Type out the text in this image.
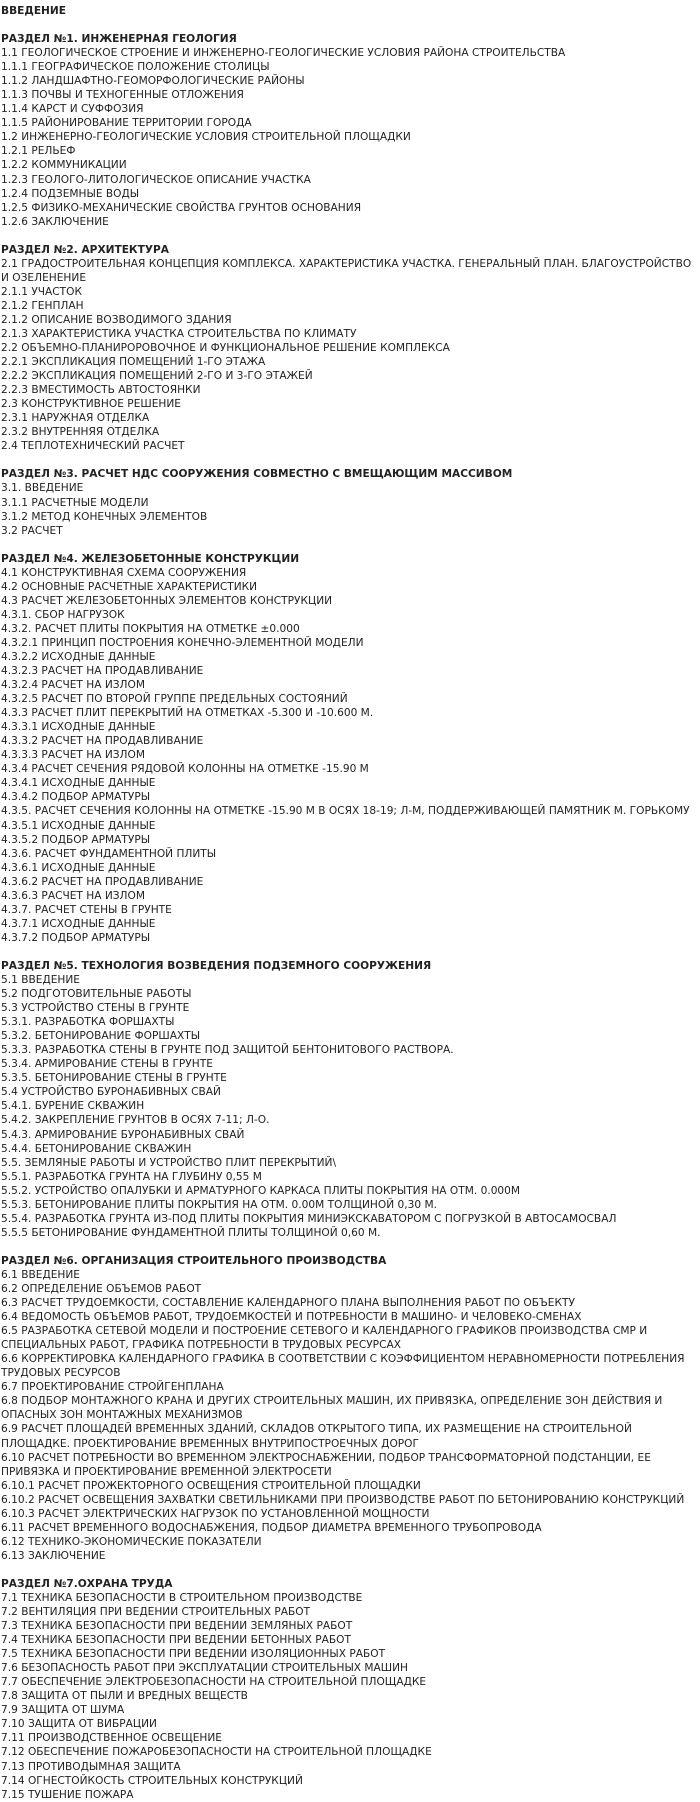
ВВЕДЕНИЕ
РАЗДЕЛ №1. ИНЖЕНЕРНАЯ ГЕОЛОГИЯ
1.1 ГЕОЛОГИЧЕСКОЕ СТРОЕНИЕ И ИНЖЕНЕРНО-ГЕОЛОГИЧЕСКИЕ УСЛОВИЯ РАЙОНА СТРОИТЕЛЬСТВА
1.1.1 ГЕОГРАФИЧЕСКОЕ ПОЛОЖЕНИЕ СТОЛИЦЫ
1.1.2 ЛАНДШАФТНО-ГЕОМОРФОЛОГИЧЕСКИЕ РАЙОНЫ
1.1.3 ПОЧВЫ И ТЕХНОГЕННЫЕ ОТЛОЖЕНИЯ
1.1.4 КАРСТ И СУФФОЗИЯ
1.1.5 РАЙОНИРОВАНИЕ ТЕРРИТОРИИ ГОРОДА
1.2 ИНЖЕНЕРНО-ГЕОЛОГИЧЕСКИЕ УСЛОВИЯ СТРОИТЕЛЬНОЙ ПЛОЩАДКИ
1.2.1 РЕЛЬЕФ
1.2.2 КОММУНИКАЦИИ
1.2.3 ГЕОЛОГО-ЛИТОЛОГИЧЕСКОЕ ОПИСАНИЕ УЧАСТКА
1.2.4 ПОДЗЕМНЫЕ ВОДЫ
1.2.5 ФИЗИКО-МЕХАНИЧЕСКИЕ СВОЙСТВА ГРУНТОВ ОСНОВАНИЯ
1.2.6 ЗАКЛЮЧЕНИЕ
РАЗДЕЛ №2. АРХИТЕКТУРА
2.1 ГРАДОСТРОИТЕЛЬНАЯ КОНЦЕПЦИЯ КОМПЛЕКСА. ХАРАКТЕРИСТИКА УЧАСТКА. ГЕНЕРАЛЬНЫЙ ПЛАН. БЛАГОУСТРОЙСТВО И ОЗЕЛЕНЕНИЕ
2.1.1 УЧАСТОК
2.1.2 ГЕНПЛАН
2.1.2 ОПИСАНИЕ ВОЗВОДИМОГО ЗДАНИЯ
2.1.3 ХАРАКТЕРИСТИКА УЧАСТКА СТРОИТЕЛЬСТВА ПО КЛИМАТУ
2.2 ОБЪЕМНО-ПЛАНИРОРОВОЧНОЕ И ФУНКЦИОНАЛЬНОЕ РЕШЕНИЕ КОМПЛЕКСА
2.2.1 ЭКСПЛИКАЦИЯ ПОМЕЩЕНИЙ 1-ГО ЭТАЖА
2.2.2 ЭКСПЛИКАЦИЯ ПОМЕЩЕНИЙ 2-ГО И 3-ГО ЭТАЖЕЙ
2.2.3 ВМЕСТИМОСТЬ АВТОСТОЯНКИ
2.3 КОНСТРУКТИВНОЕ РЕШЕНИЕ
2.3.1 НАРУЖНАЯ ОТДЕЛКА
2.3.2 ВНУТРЕННЯЯ ОТДЕЛКА
2.4 ТЕПЛОТЕХНИЧЕСКИЙ РАСЧЕТ
РАЗДЕЛ №3. РАСЧЕТ НДС СООРУЖЕНИЯ СОВМЕСТНО С ВМЕЩАЮЩИМ МАССИВОМ
3.1. ВВЕДЕНИЕ
3.1.1 РАСЧЕТНЫЕ МОДЕЛИ
3.1.2 МЕТОД КОНЕЧНЫХ ЭЛЕМЕНТОВ
3.2 РАСЧЕТ
РАЗДЕЛ №4. ЖЕЛЕЗОБЕТОННЫЕ КОНСТРУКЦИИ
4.1 КОНСТРУКТИВНАЯ СХЕМА СООРУЖЕНИЯ
4.2 ОСНОВНЫЕ РАСЧЕТНЫЕ ХАРАКТЕРИСТИКИ
4.3 РАСЧЕТ ЖЕЛЕЗОБЕТОННЫХ ЭЛЕМЕНТОВ КОНСТРУКЦИИ
4.3.1. СБОР НАГРУЗОК
4.3.2. РАСЧЕТ ПЛИТЫ ПОКРЫТИЯ НА ОТМЕТКЕ ±0.000
4.3.2.1 ПРИНЦИП ПОСТРОЕНИЯ КОНЕЧНО-ЭЛЕМЕНТНОЙ МОДЕЛИ
4.3.2.2 ИСХОДНЫЕ ДАННЫЕ
4.3.2.3 РАСЧЕТ НА ПРОДАВЛИВАНИЕ
4.3.2.4 РАСЧЕТ НА ИЗЛОМ
4.3.2.5 РАСЧЕТ ПО ВТОРОЙ ГРУППЕ ПРЕДЕЛЬНЫХ СОСТОЯНИЙ
4.3.3 РАСЧЕТ ПЛИТ ПЕРЕКРЫТИЙ НА ОТМЕТКАХ -5.300 И -10.600 М.
4.3.3.1 ИСХОДНЫЕ ДАННЫЕ
4.3.3.2 РАСЧЕТ НА ПРОДАВЛИВАНИЕ
4.3.3.3 РАСЧЕТ НА ИЗЛОМ
4.3.4 РАСЧЕТ СЕЧЕНИЯ РЯДОВОЙ КОЛОННЫ НА ОТМЕТКЕ -15.90 М
4.3.4.1 ИСХОДНЫЕ ДАННЫЕ
4.3.4.2 ПОДБОР АРМАТУРЫ
4.3.5. РАСЧЕТ СЕЧЕНИЯ КОЛОННЫ НА ОТМЕТКЕ -15.90 М В ОСЯХ 18-19; Л-М, ПОДДЕРЖИВАЮЩЕЙ ПАМЯТНИК М. ГОРЬКОМУ
4.3.5.1 ИСХОДНЫЕ ДАННЫЕ
4.3.5.2 ПОДБОР АРМАТУРЫ
4.3.6. РАСЧЕТ ФУНДАМЕНТНОЙ ПЛИТЫ
4.3.6.1 ИСХОДНЫЕ ДАННЫЕ
4.3.6.2 РАСЧЕТ НА ПРОДАВЛИВАНИЕ
4.3.6.3 РАСЧЕТ НА ИЗЛОМ
4.3.7. РАСЧЕТ СТЕНЫ В ГРУНТЕ
4.3.7.1 ИСХОДНЫЕ ДАННЫЕ
4.3.7.2 ПОДБОР АРМАТУРЫ
РАЗДЕЛ №5. ТЕХНОЛОГИЯ ВОЗВЕДЕНИЯ ПОДЗЕМНОГО СООРУЖЕНИЯ
5.1 ВВЕДЕНИЕ
5.2 ПОДГОТОВИТЕЛЬНЫЕ РАБОТЫ
5.3 УСТРОЙСТВО СТЕНЫ В ГРУНТЕ
5.3.1. РАЗРАБОТКА ФОРШАХТЫ
5.3.2. БЕТОНИРОВАНИЕ ФОРШАХТЫ
5.3.3. РАЗРАБОТКА СТЕНЫ В ГРУНТЕ ПОД ЗАЩИТОЙ БЕНТОНИТОВОГО РАСТВОРА.
5.3.4. АРМИРОВАНИЕ СТЕНЫ В ГРУНТЕ
5.3.5. БЕТОНИРОВАНИЕ СТЕНЫ В ГРУНТЕ
5.4 УСТРОЙСТВО БУРОНАБИВНЫХ СВАЙ
5.4.1. БУРЕНИЕ СКВАЖИН
5.4.2. ЗАКРЕПЛЕНИЕ ГРУНТОВ В ОСЯХ 7-11; Л-О.
5.4.3. АРМИРОВАНИЕ БУРОНАБИВНЫХ СВАЙ
5.4.4. БЕТОНИРОВАНИЕ СКВАЖИН
5.5. ЗЕМЛЯНЫЕ РАБОТЫ И УСТРОЙСТВО ПЛИТ ПЕРЕКРЫТИЙ\
5.5.1. РАЗРАБОТКА ГРУНТА НА ГЛУБИНУ 0,55 М
5.5.2. УСТРОЙСТВО ОПАЛУБКИ И АРМАТУРНОГО КАРКАСА ПЛИТЫ ПОКРЫТИЯ НА ОТМ. 0.000М
5.5.3. БЕТОНИРОВАНИЕ ПЛИТЫ ПОКРЫТИЯ НА ОТМ. 0.00М ТОЛЩИНОЙ 0,30 М.
5.5.4. РАЗРАБОТКА ГРУНТА ИЗ-ПОД ПЛИТЫ ПОКРЫТИЯ МИНИЭКСКАВАТОРОМ С ПОГРУЗКОЙ В АВТОСАМОСВАЛ
5.5.5 БЕТОНИРОВАНИЕ ФУНДАМЕНТНОЙ ПЛИТЫ ТОЛЩИНОЙ 0,60 М.
РАЗДЕЛ №6. ОРГАНИЗАЦИЯ СТРОИТЕЛЬНОГО ПРОИЗВОДСТВА
6.1 ВВЕДЕНИЕ
6.2 ОПРЕДЕЛЕНИЕ ОБЪЕМОВ РАБОТ
6.3 РАСЧЕТ ТРУДОЕМКОСТИ, СОСТАВЛЕНИЕ КАЛЕНДАРНОГО ПЛАНА ВЫПОЛНЕНИЯ РАБОТ ПО ОБЪЕКТУ
6.4 ВЕДОМОСТЬ ОБЪЕМОВ РАБОТ, ТРУДОЕМКОСТЕЙ И ПОТРЕБНОСТИ В МАШИНО- И ЧЕЛОВЕКО-СМЕНАХ
6.5 РАЗРАБОТКА СЕТЕВОЙ МОДЕЛИ И ПОСТРОЕНИЕ СЕТЕВОГО И КАЛЕНДАРНОГО ГРАФИКОВ ПРОИЗВОДСТВА СМР И СПЕЦИАЛЬНЫХ РАБОТ, ГРАФИКА ПОТРЕБНОСТИ В ТРУДОВЫХ РЕСУРСАХ
6.6 КОРРЕКТИРОВКА КАЛЕНДАРНОГО ГРАФИКА В СООТВЕТСТВИИ С КОЭФФИЦИЕНТОМ НЕРАВНОМЕРНОСТИ ПОТРЕБЛЕНИЯ ТРУДОВЫХ РЕСУРСОВ
6.7 ПРОЕКТИРОВАНИЕ СТРОЙГЕНПЛАНА
6.8 ПОДБОР МОНТАЖНОГО КРАНА И ДРУГИХ СТРОИТЕЛЬНЫХ МАШИН, ИХ ПРИВЯЗКА, ОПРЕДЕЛЕНИЕ ЗОН ДЕЙСТВИЯ И ОПАСНЫХ ЗОН МОНТАЖНЫХ МЕХАНИЗМОВ
6.9 РАСЧЕТ ПЛОЩАДЕЙ ВРЕМЕННЫХ ЗДАНИЙ, СКЛАДОВ ОТКРЫТОГО ТИПА, ИХ РАЗМЕЩЕНИЕ НА СТРОИТЕЛЬНОЙ ПЛОЩАДКЕ. ПРОЕКТИРОВАНИЕ ВРЕМЕННЫХ ВНУТРИПОСТРОЕЧНЫХ ДОРОГ
6.10 РАСЧЕТ ПОТРЕБНОСТИ ВО ВРЕМЕННОМ ЭЛЕКТРОСНАБЖЕНИИ, ПОДБОР ТРАНСФОРМАТОРНОЙ ПОДСТАНЦИИ, ЕЕ ПРИВЯЗКА И ПРОЕКТИРОВАНИЕ ВРЕМЕННОЙ ЭЛЕКТРОСЕТИ
6.10.1 РАСЧЕТ ПРОЖЕКТОРНОГО ОСВЕЩЕНИЯ СТРОИТЕЛЬНОЙ ПЛОЩАДКИ
6.10.2 РАСЧЕТ ОСВЕЩЕНИЯ ЗАХВАТКИ СВЕТИЛЬНИКАМИ ПРИ ПРОИЗВОДСТВЕ РАБОТ ПО БЕТОНИРОВАНИЮ КОНСТРУКЦИЙ
6.10.3 РАСЧЕТ ЭЛЕКТРИЧЕСКИХ НАГРУЗОК ПО УСТАНОВЛЕННОЙ МОЩНОСТИ
6.11 РАСЧЕТ ВРЕМЕННОГО ВОДОСНАБЖЕНИЯ, ПОДБОР ДИАМЕТРА ВРЕМЕННОГО ТРУБОПРОВОДА
6.12 ТЕХНИКО-ЭКОНОМИЧЕСКИЕ ПОКАЗАТЕЛИ
6.13 ЗАКЛЮЧЕНИЕ
РАЗДЕЛ №7.ОХРАНА ТРУДА
7.1 ТЕХНИКА БЕЗОПАСНОСТИ В СТРОИТЕЛЬНОМ ПРОИЗВОДСТВЕ
7.2 ВЕНТИЛЯЦИЯ ПРИ ВЕДЕНИИ СТРОИТЕЛЬНЫХ РАБОТ
7.3 ТЕХНИКА БЕЗОПАСНОСТИ ПРИ ВЕДЕНИИ ЗЕМЛЯНЫХ РАБОТ
7.4 ТЕХНИКА БЕЗОПАСНОСТИ ПРИ ВЕДЕНИИ БЕТОННЫХ РАБОТ
7.5 ТЕХНИКА БЕЗОПАСНОСТИ ПРИ ВЕДЕНИИ ИЗОЛЯЦИОННЫХ РАБОТ
7.6 БЕЗОПАСНОСТЬ РАБОТ ПРИ ЭКСПЛУАТАЦИИ СТРОИТЕЛЬНЫХ МАШИН
7.7 ОБЕСПЕЧЕНИЕ ЭЛЕКТРОБЕЗОПАСНОСТИ НА СТРОИТЕЛЬНОЙ ПЛОЩАДКЕ
7.8 ЗАЩИТА ОТ ПЫЛИ И ВРЕДНЫХ ВЕЩЕСТВ
7.9 ЗАЩИТА ОТ ШУМА
7.10 ЗАЩИТА ОТ ВИБРАЦИИ
7.11 ПРОИЗВОДСТВЕННОЕ ОСВЕЩЕНИЕ
7.12 ОБЕСПЕЧЕНИЕ ПОЖАРОБЕЗОПАСНОСТИ НА СТРОИТЕЛЬНОЙ ПЛОЩАДКЕ
7.13 ПРОТИВОДЫМНАЯ ЗАЩИТА
7.14 ОГНЕСТОЙКОСТЬ СТРОИТЕЛЬНЫХ КОНСТРУКЦИЙ
7.15 ТУШЕНИЕ ПОЖАРА
